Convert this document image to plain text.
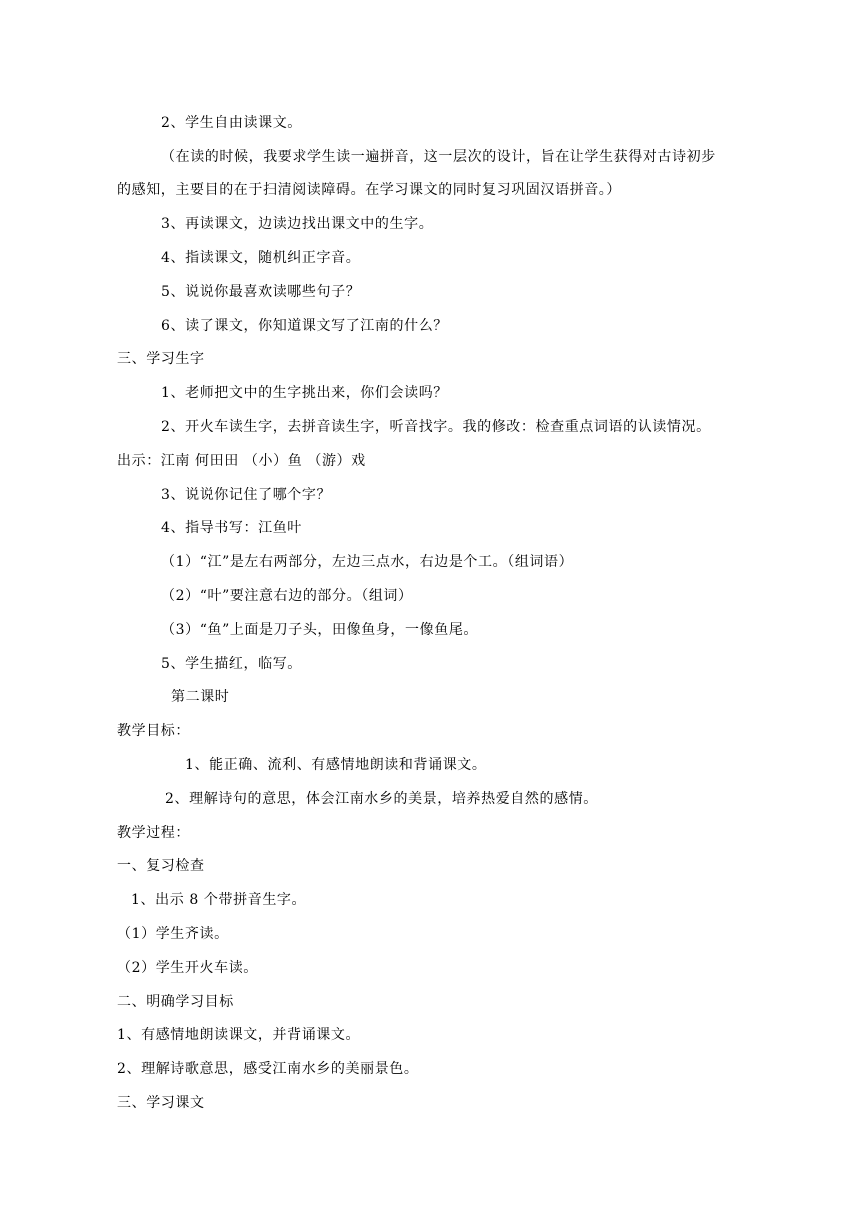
2、学生自由读课文。
（在读的时候，我要求学生读一遍拼音，这一层次的设计，旨在让学生获得对古诗初步
的感知，主要目的在于扫清阅读障碍。在学习课文的同时复习巩固汉语拼音。）
3、再读课文，边读边找出课文中的生字。
4、指读课文，随机纠正字音。
5、说说你最喜欢读哪些句子？
6、读了课文，你知道课文写了江南的什么？
三、学习生字
1、老师把文中的生字挑出来，你们会读吗？
2、开火车读生字，去拼音读生字，听音找字。我的修改：检查重点词语的认读情况。
出示：江南 何田田 （小）鱼 （游）戏
3、说说你记住了哪个字？
4、指导书写：江鱼叶
（1）“江”是左右两部分，左边三点水，右边是个工。（组词语）
（2）“叶”要注意右边的部分。（组词）
（3）“鱼”上面是刀子头，田像鱼身，一像鱼尾。
5、学生描红，临写。
第二课时
教学目标：
1、能正确、流利、有感情地朗读和背诵课文。
2、理解诗句的意思，体会江南水乡的美景，培养热爱自然的感情。
教学过程：
一、复习检查
1、出示 8 个带拼音生字。
（1）学生齐读。
（2）学生开火车读。
二、明确学习目标
1、有感情地朗读课文，并背诵课文。
2、理解诗歌意思，感受江南水乡的美丽景色。
三、学习课文
